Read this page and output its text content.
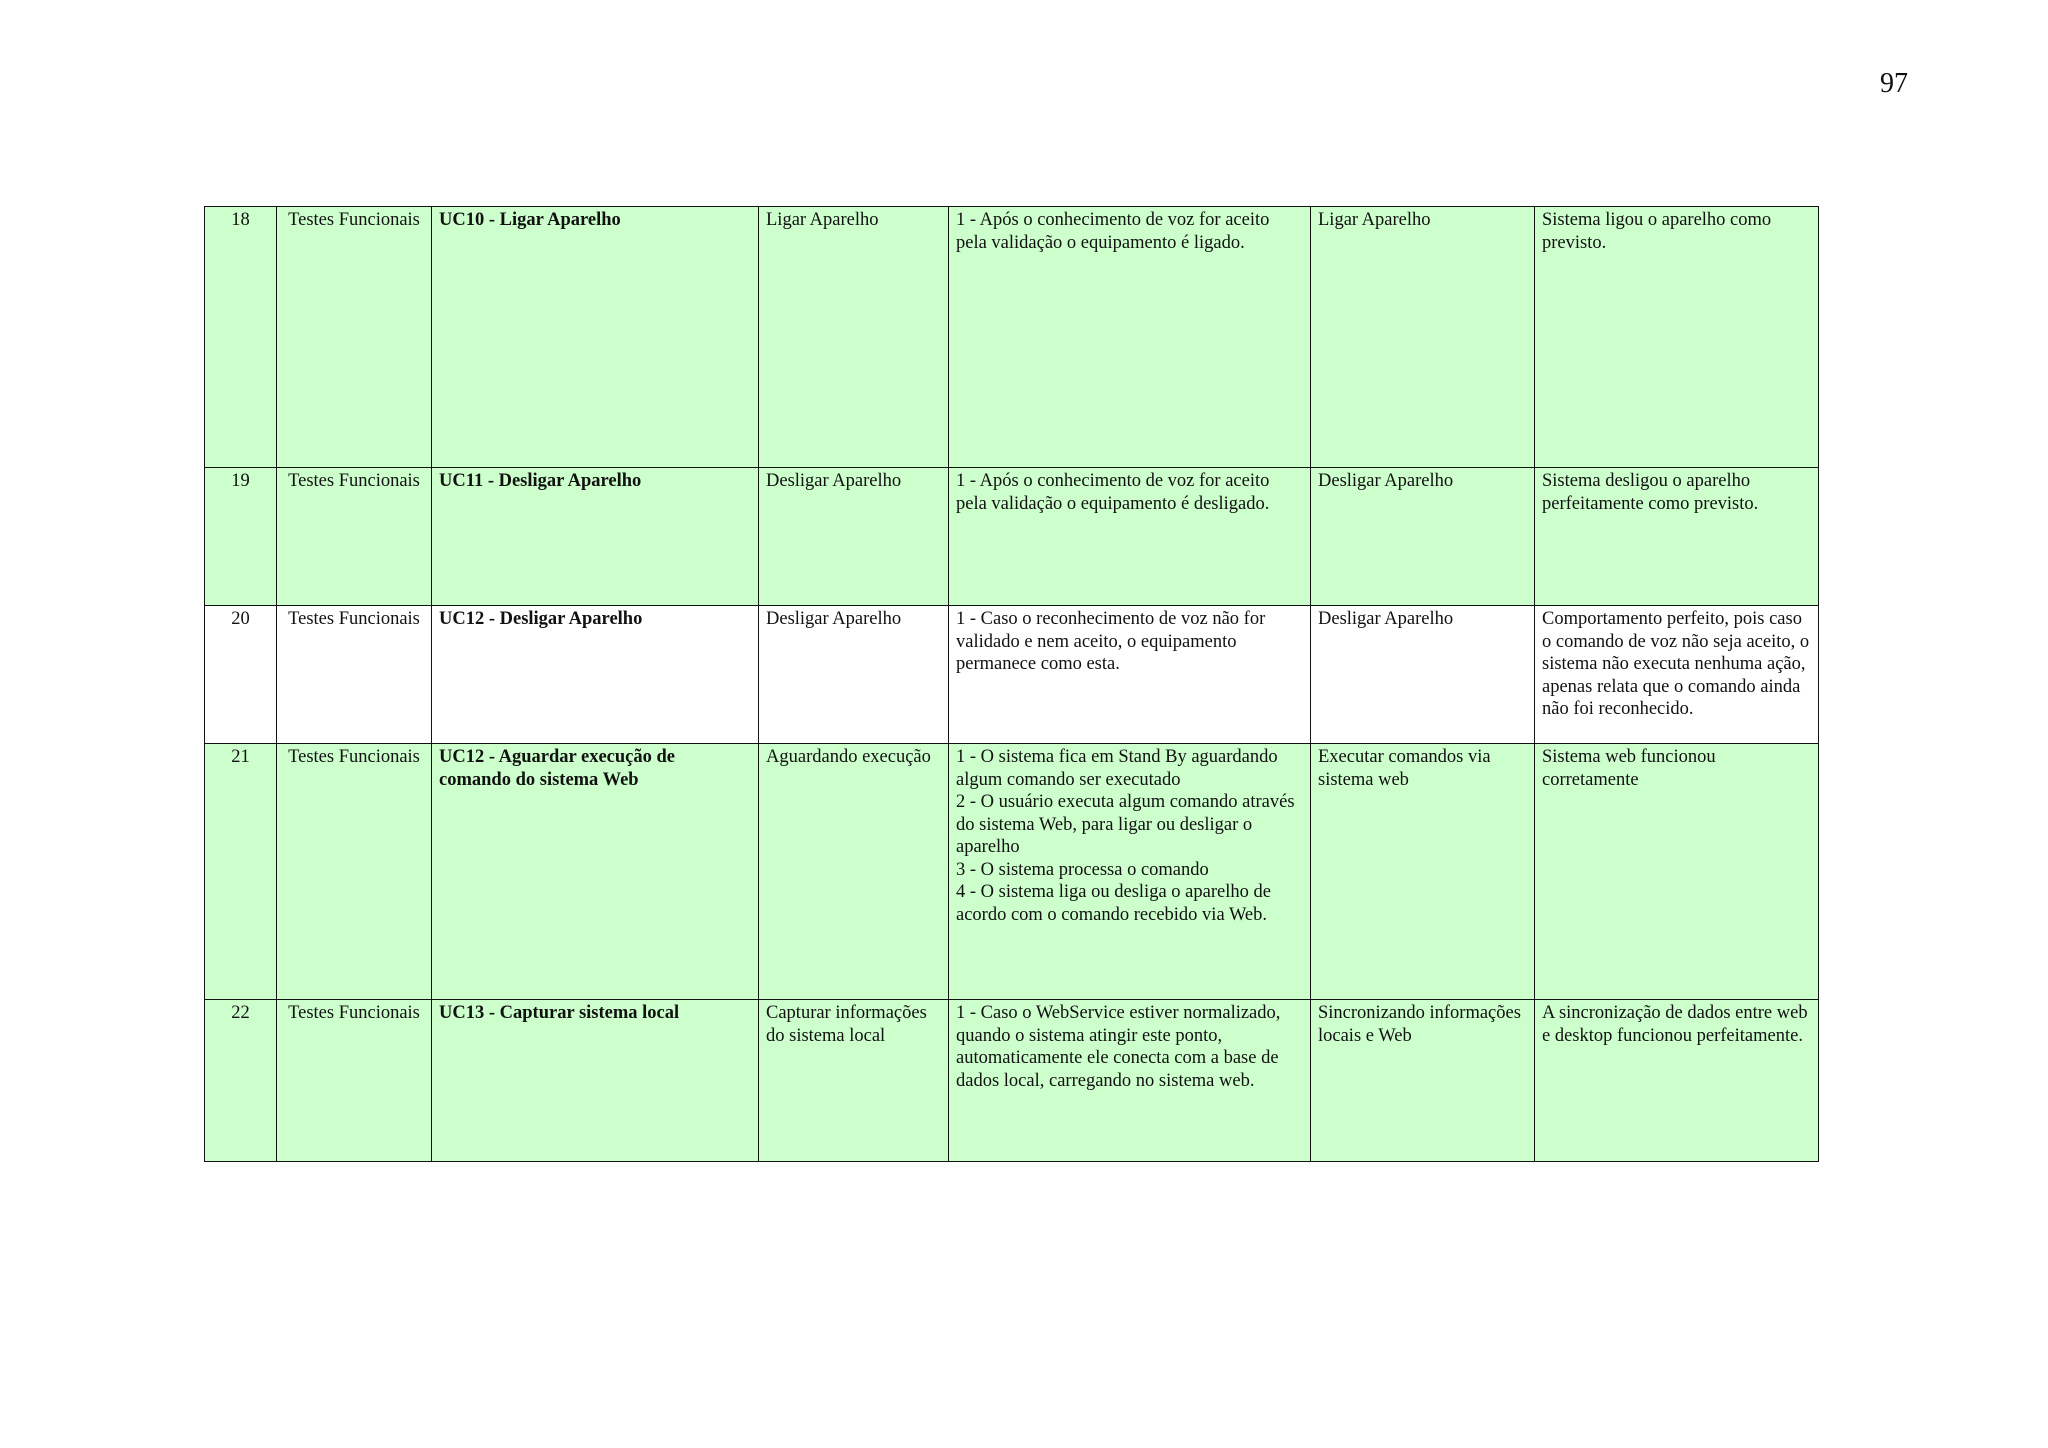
97
18	Testes Funcionais	UC10 - Ligar Aparelho	Ligar Aparelho	1 - Após o conhecimento de voz for aceito pela validação o equipamento é ligado.	Ligar Aparelho	Sistema ligou o aparelho como previsto.
19	Testes Funcionais	UC11 - Desligar Aparelho	Desligar Aparelho	1 - Após o conhecimento de voz for aceito pela validação o equipamento é desligado.	Desligar Aparelho	Sistema desligou o aparelho perfeitamente como previsto.
20	Testes Funcionais	UC12 - Desligar Aparelho	Desligar Aparelho	1 - Caso o reconhecimento de voz não for validado e nem aceito, o equipamento permanece como esta.	Desligar Aparelho	Comportamento perfeito, pois caso o comando de voz não seja aceito, o sistema não executa nenhuma ação, apenas relata que o comando ainda não foi reconhecido.
21	Testes Funcionais	UC12 - Aguardar execução de comando do sistema Web	Aguardando execução	1 - O sistema fica em Stand By aguardando algum comando ser executado
2 - O usuário executa algum comando através do sistema Web, para ligar ou desligar o aparelho
3 - O sistema processa o comando
4 - O sistema liga ou desliga o aparelho de acordo com o comando recebido via Web.	Executar comandos via sistema web	Sistema web funcionou corretamente
22	Testes Funcionais	UC13 - Capturar sistema local	Capturar informações do sistema local	1 - Caso o WebService estiver normalizado, quando o sistema atingir este ponto, automaticamente ele conecta com a base de dados local, carregando no sistema web.	Sincronizando informações locais e Web	A sincronização de dados entre web e desktop funcionou perfeitamente.
